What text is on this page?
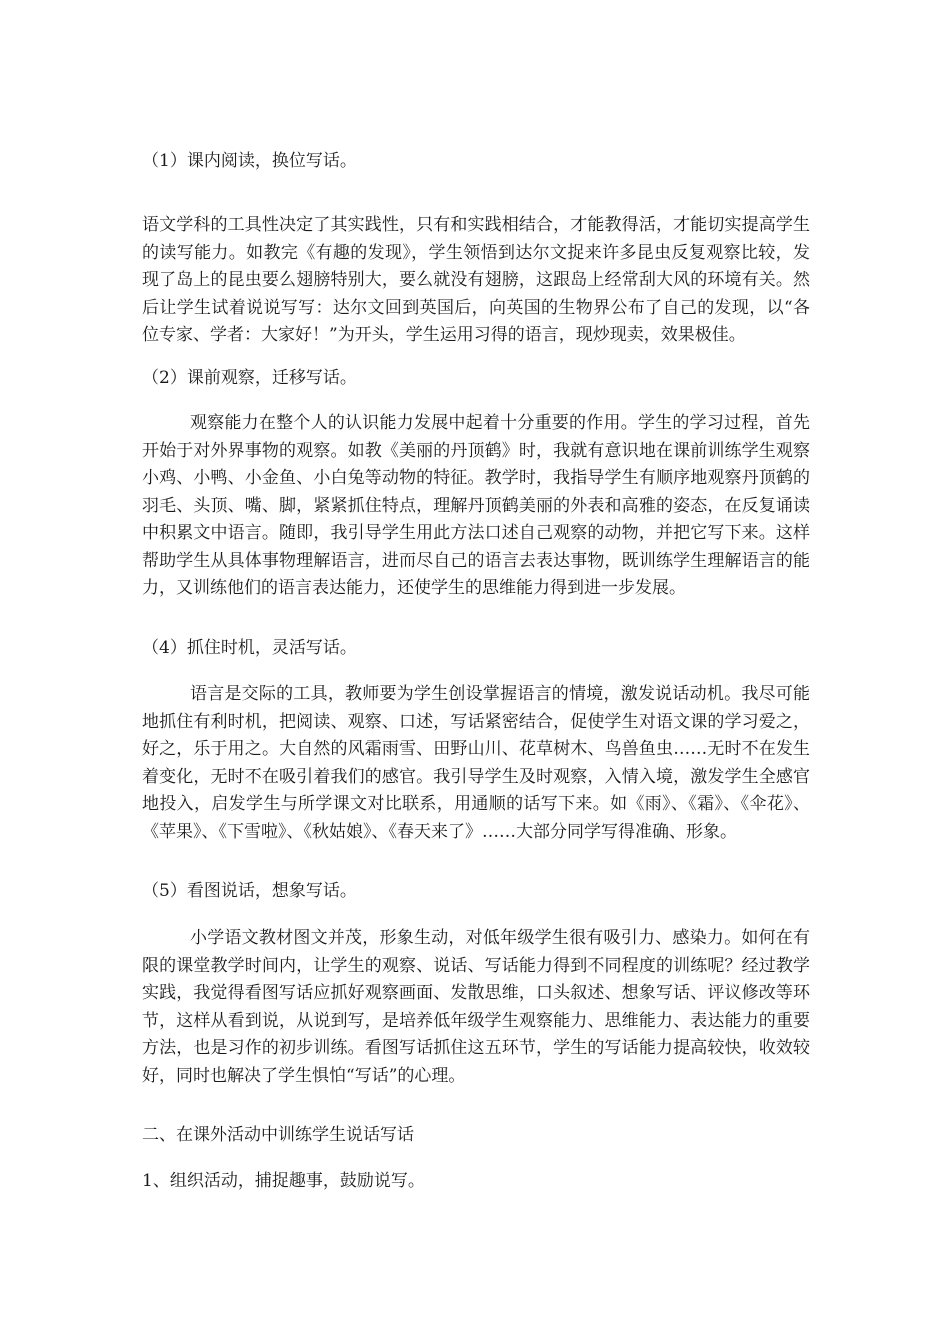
（1）课内阅读，换位写话。
语文学科的工具性决定了其实践性，只有和实践相结合，才能教得活，才能切实提高学生的读写能力。如教完《有趣的发现》，学生领悟到达尔文捉来许多昆虫反复观察比较，发现了岛上的昆虫要么翅膀特别大，要么就没有翅膀，这跟岛上经常刮大风的环境有关。然后让学生试着说说写写：达尔文回到英国后，向英国的生物界公布了自己的发现，以“各位专家、学者：大家好！”为开头，学生运用习得的语言，现炒现卖，效果极佳。
（2）课前观察，迁移写话。
观察能力在整个人的认识能力发展中起着十分重要的作用。学生的学习过程，首先开始于对外界事物的观察。如教《美丽的丹顶鹤》时，我就有意识地在课前训练学生观察小鸡、小鸭、小金鱼、小白兔等动物的特征。教学时，我指导学生有顺序地观察丹顶鹤的羽毛、头顶、嘴、脚，紧紧抓住特点，理解丹顶鹤美丽的外表和高雅的姿态，在反复诵读中积累文中语言。随即，我引导学生用此方法口述自己观察的动物，并把它写下来。这样帮助学生从具体事物理解语言，进而尽自己的语言去表达事物，既训练学生理解语言的能力，又训练他们的语言表达能力，还使学生的思维能力得到进一步发展。
（4）抓住时机，灵活写话。
语言是交际的工具，教师要为学生创设掌握语言的情境，激发说话动机。我尽可能地抓住有利时机，把阅读、观察、口述，写话紧密结合，促使学生对语文课的学习爱之，好之，乐于用之。大自然的风霜雨雪、田野山川、花草树木、鸟兽鱼虫……无时不在发生着变化，无时不在吸引着我们的感官。我引导学生及时观察，入情入境，激发学生全感官地投入，启发学生与所学课文对比联系，用通顺的话写下来。如《雨》、《霜》、《伞花》、《苹果》、《下雪啦》、《秋姑娘》、《春天来了》……大部分同学写得准确、形象。
（5）看图说话，想象写话。
小学语文教材图文并茂，形象生动，对低年级学生很有吸引力、感染力。如何在有限的课堂教学时间内，让学生的观察、说话、写话能力得到不同程度的训练呢？经过教学实践，我觉得看图写话应抓好观察画面、发散思维，口头叙述、想象写话、评议修改等环节，这样从看到说，从说到写，是培养低年级学生观察能力、思维能力、表达能力的重要方法，也是习作的初步训练。看图写话抓住这五环节，学生的写话能力提高较快，收效较好，同时也解决了学生惧怕“写话”的心理。
二、在课外活动中训练学生说话写话
1、组织活动，捕捉趣事，鼓励说写。
